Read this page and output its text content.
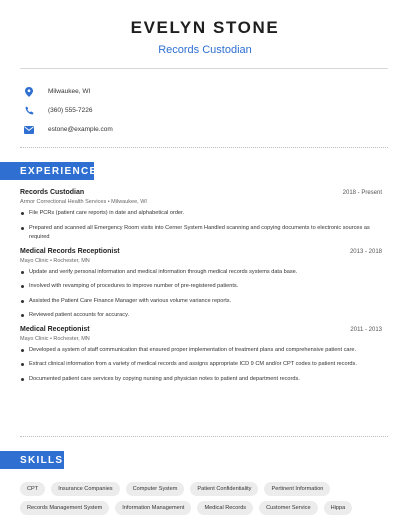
EVELYN STONE
Records Custodian
Milwaukee, WI
(360) 555-7226
estone@example.com
EXPERIENCE
Records Custodian	2018 - Present
Armor Correctional Health Services • Milwaukee, WI
File PCRs (patient care reports) in date and alphabetical order.
Prepared and scanned all Emergency Room visits into Cerner System Handled scanning and copying documents to electronic sources as required
Medical Records Receptionist	2013 - 2018
Mayo Clinic • Rochester, MN
Update and verify personal information and medical information through medical records systems data base.
Involved with revamping of procedures to improve number of pre-registered patients.
Assisted the Patient Care Finance Manager with various volume variance reports.
Reviewed patient accounts for accuracy.
Medical Receptionist	2011 - 2013
Mayo Clinic • Rochester, MN
Developed a system of staff communication that ensured proper implementation of treatment plans and comprehensive patient care.
Extract clinical information from a variety of medical records and assigns appropriate ICD 9 CM and/or CPT codes to patient records.
Documented patient care services by copying nursing and physician notes to patient and department records.
SKILLS
CPT	Insurance Companies	Computer System	Patient Confidentiality	Pertinent Information
Records Management System	Information Management	Medical Records	Customer Service	Hippa
